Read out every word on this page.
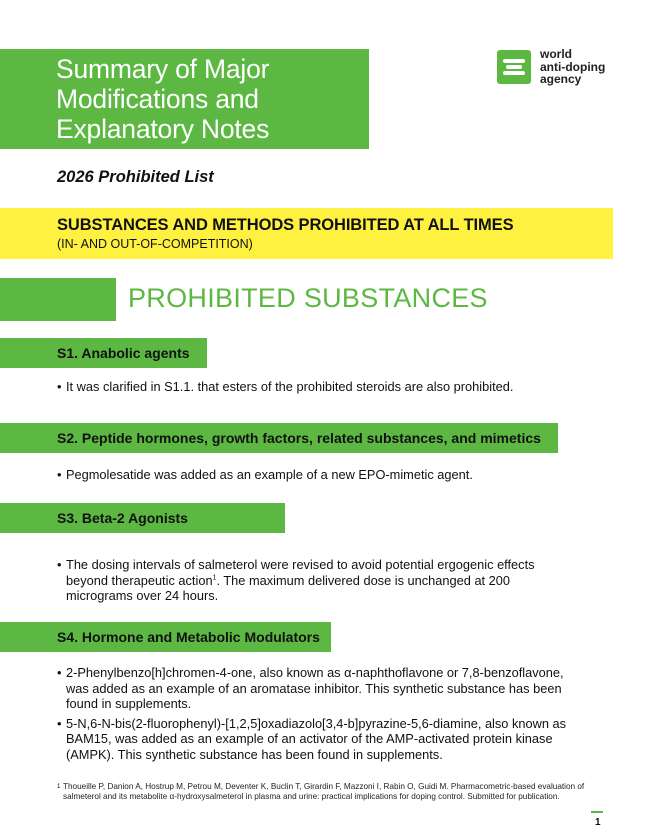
Summary of Major
Modifications and
Explanatory Notes
world
anti-doping
agency
2026 Prohibited List
SUBSTANCES AND METHODS PROHIBITED AT ALL TIMES
(IN- AND OUT-OF-COMPETITION)
PROHIBITED SUBSTANCES
S1. Anabolic agents
• It was clarified in S1.1. that esters of the prohibited steroids are also prohibited.
S2. Peptide hormones, growth factors, related substances, and mimetics
• Pegmolesatide was added as an example of a new EPO-mimetic agent.
S3. Beta-2 Agonists
• The dosing intervals of salmeterol were revised to avoid potential ergogenic effects beyond therapeutic action$^1$. The maximum delivered dose is unchanged at 200 micrograms over 24 hours.
S4. Hormone and Metabolic Modulators
• 2-Phenylbenzo[h]chromen-4-one, also known as α-naphthoflavone or 7,8-benzoflavone, was added as an example of an aromatase inhibitor. This synthetic substance has been found in supplements.
• 5-N,6-N-bis(2-fluorophenyl)-[1,2,5]oxadiazolo[3,4-b]pyrazine-5,6-diamine, also known as BAM15, was added as an example of an activator of the AMP-activated protein kinase (AMPK). This synthetic substance has been found in supplements.
1 Thoueille P, Danion A, Hostrup M, Petrou M, Deventer K, Buclin T, Girardin F, Mazzoni I, Rabin O, Guidi M. Pharmacometric-based evaluation of salmeterol and its metabolite α-hydroxysalmeterol in plasma and urine: practical implications for doping control. Submitted for publication.
1
